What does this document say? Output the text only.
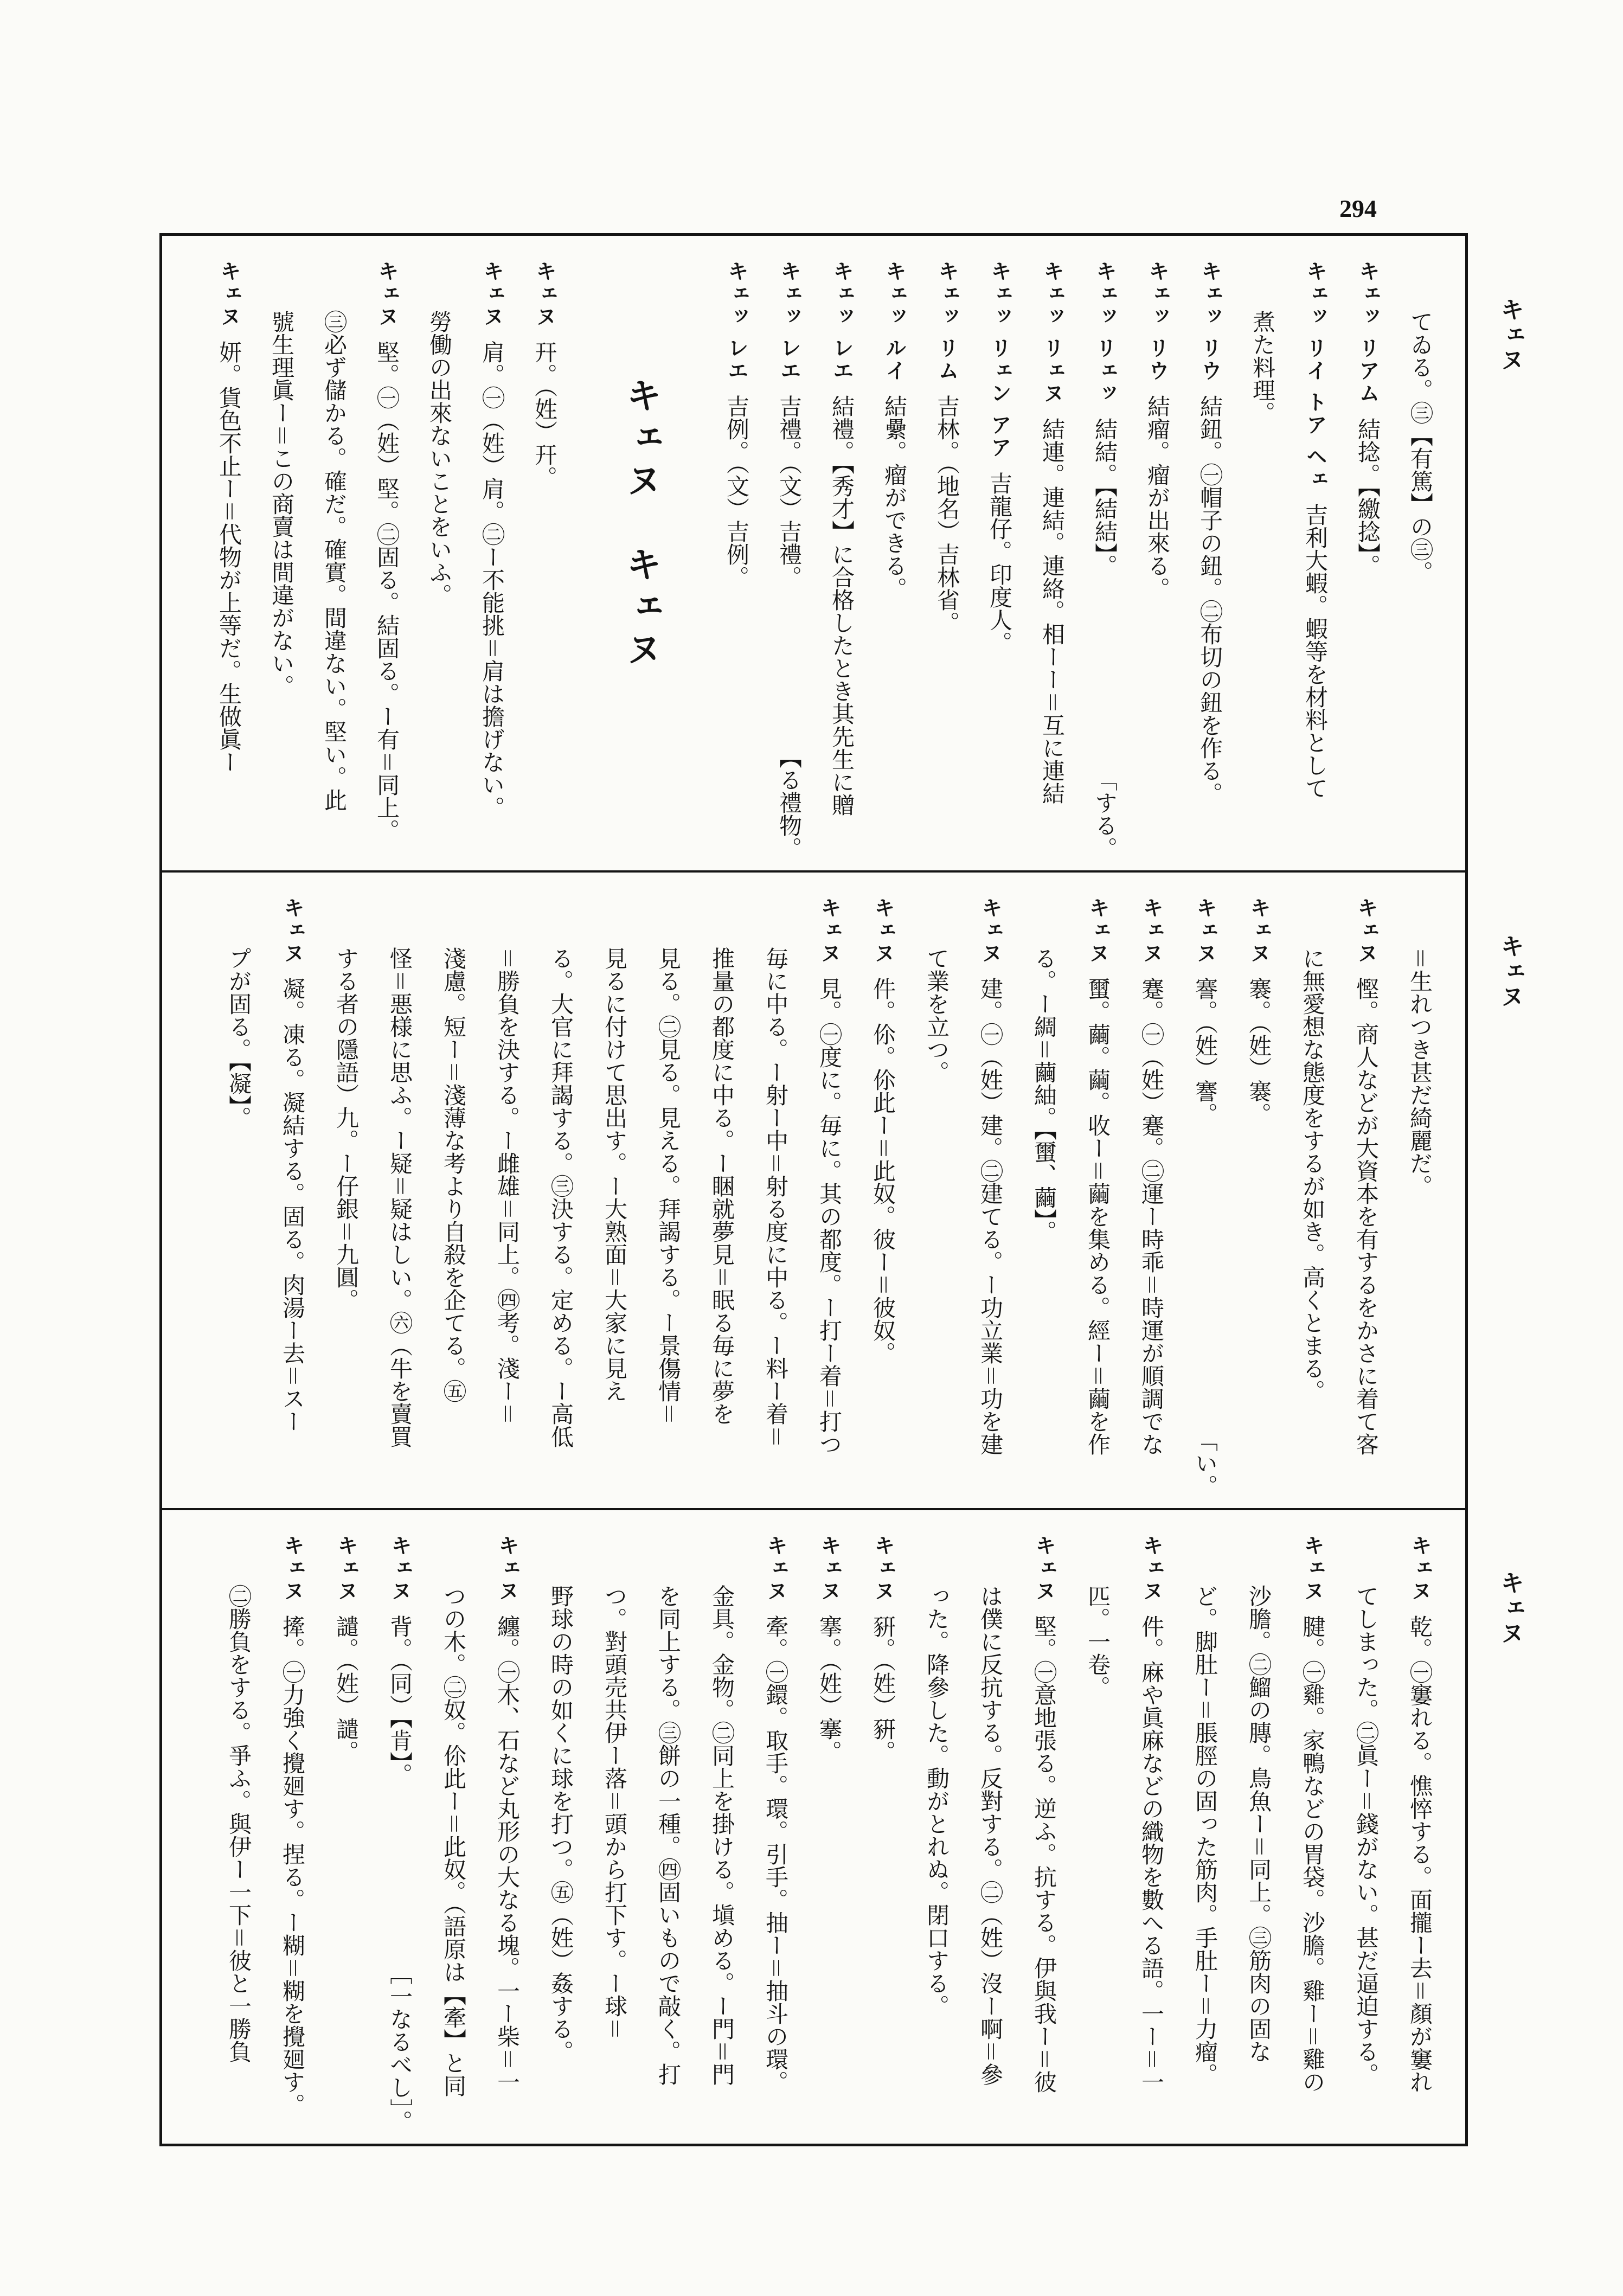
294
キェヌ
キェヌ
キェヌ
てゐる。㊂【有篤】の㊂。
キェッ リアム
結捻。【繳捻】。
キェッ リイ トア ヘェ
吉利大蝦。蝦等を材料として
煮た料理。
キェッ リウ
結鈕。㊀帽子の鈕。㊁布切の鈕を作る。
キェッ リウ
結瘤。瘤が出來る。
キェッ リェッ
結結。【結結】。
「する。
キェッ リェヌ
結連。連結。連絡。相ーー＝互に連結
キェッ リェン アア
吉龍仔。印度人。
キェッ リム
吉林。（地名）吉林省。
キェッ ルイ
結纍。瘤ができる。
キェッ レエ
結禮。【秀才】に合格したとき其先生に贈
キェッ レエ
吉禮。（文）吉禮。
【る禮物。
キェッ レエ
吉例。（文）吉例。
キェヌ　キェヌ
キェヌ
幵。（姓）幵。
キェヌ
肩。㊀（姓）肩。㊁ー不能挑＝肩は擔げない。
勞働の出來ないことをいふ。
キェヌ
堅。㊀（姓）堅。㊁固る。結固る。ー有＝同上。
㊂必ず儲かる。確だ。確實。間違ない。堅い。此
號生理眞ー＝この商賣は間違がない。
キェヌ
妍。貨色不止ー＝代物が上等だ。生做眞ー
＝生れつき甚だ綺麗だ。
キェヌ
慳。商人などが大資本を有するをかさに着て客
に無愛想な態度をするが如き。高くとまる。
キェヌ
褰。（姓）褰。
キェヌ
謇。（姓）謇。
「い。
キェヌ
蹇。㊀（姓）蹇。㊁運ー時乖＝時運が順調でな
キェヌ
蠒。繭。繭。收ー＝繭を集める。經ー＝繭を作
る。ー綢＝繭紬。【蠒、繭】。
キェヌ
建。㊀（姓）建。㊁建てる。ー功立業＝功を建
て業を立つ。
キェヌ
件。伱。伱此ー＝此奴。彼ー＝彼奴。
キェヌ
見。㊀度に。毎に。其の都度。ー打ー着＝打つ
毎に中る。ー射ー中＝射る度に中る。ー料ー着＝
推量の都度に中る。ー睏就夢見＝眠る毎に夢を
見る。㊁見る。見える。拜謁する。ー景傷情＝
見るに付けて思出す。ー大熟面＝大家に見え
る。大官に拜謁する。㊂決する。定める。ー高低
＝勝負を決する。ー雌雄＝同上。㊃考。淺ー＝
淺慮。短ー＝淺薄な考より自殺を企てる。㊄
怪＝悪様に思ふ。ー疑＝疑はしい。㊅（牛を賣買
する者の隱語）九。ー仔銀＝九圓。
キェヌ
凝。凍る。凝結する。固る。肉湯ー去＝スー
プが固る。【凝】。
キェヌ
乾。㊀窶れる。憔悴する。面攏ー去＝顏が窶れ
てしまった。㊁眞ー＝錢がない。甚だ逼迫する。
キェヌ
腱。㊀雞。家鴨などの胃袋。沙膽。雞ー＝雞の
沙膽。㊁鰡の膞。鳥魚ー＝同上。㊂筋肉の固な
ど。脚肚ー＝脹脛の固った筋肉。手肚ー＝力瘤。
キェヌ
件。麻や眞麻などの織物を數へる語。一ー＝一
匹。一卷。
キェヌ
堅。㊀意地張る。逆ふ。抗する。伊與我ー＝彼
は僕に反抗する。反對する。㊁（姓）沒ー啊＝參
った。降參した。動がとれぬ。閉口する。
キェヌ
豣。（姓）豣。
キェヌ
搴。（姓）搴。
キェヌ
牽。㊀鐶。取手。環。引手。抽ー＝抽斗の環。
金具。金物。㊁同上を掛ける。塡める。ー門＝門
を同上する。㊂餅の一種。㊃固いもので敲く。打
つ。對頭売共伊ー落＝頭から打下す。ー球＝
野球の時の如くに球を打つ。㊄（姓）姦する。
キェヌ
纏。㊀木、石など丸形の大なる塊。一ー柴＝一
つの木。㊁奴。伱此ー＝此奴。（語原は【牽】と同
キェヌ
背。（同）【肯】。
［一なるべし］。
キェヌ
譴。（姓）譴。
キェヌ
撁。㊀力強く攪廻す。捏る。ー糊＝糊を攪廻す。
㊁勝負をする。爭ふ。與伊ー一下＝彼と一勝負
